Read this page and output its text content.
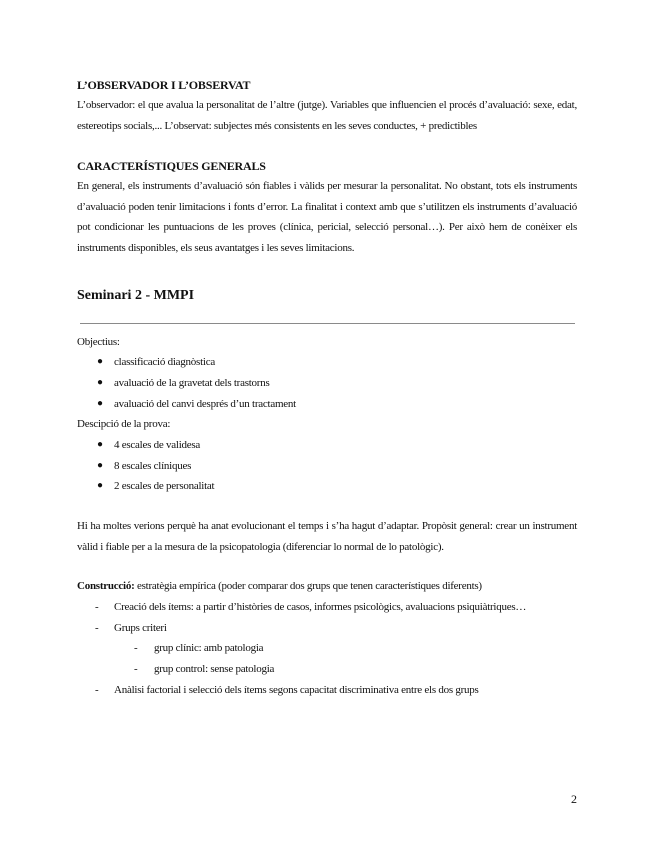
L’OBSERVADOR I L’OBSERVAT

L’observador: el que avalua la personalitat de l’altre (jutge). Variables que influencien el procés d’avaluació: sexe, edat, estereotips socials,... L’observat: subjectes més consistents en les seves conductes, + predictibles

CARACTERÍSTIQUES GENERALS

En general, els instruments d’avaluació són fiables i vàlids per mesurar la personalitat. No obstant, tots els instruments d’avaluació poden tenir limitacions i fonts d’error. La finalitat i context amb que s’utilitzen els instruments d’avaluació pot condicionar les puntuacions de les proves (clínica, pericial, selecció personal…). Per això hem de conèixer els instruments disponibles, els seus avantatges i les seves limitacions.

Seminari 2 - MMPI

Objectius:

● classificació diagnòstica
● avaluació de la gravetat dels trastorns
● avaluació del canvi després d’un tractament

Descipció de la prova:

● 4 escales de validesa
● 8 escales clíniques
● 2 escales de personalitat

Hi ha moltes verions perquè ha anat evolucionant el temps i s’ha hagut d’adaptar. Propòsit general: crear un instrument vàlid i fiable per a la mesura de la psicopatologia (diferenciar lo normal de lo patològic).

Construcció: estratègia empírica (poder comparar dos grups que tenen característiques diferents)

- Creació dels ítems: a partir d’històries de casos, informes psicològics, avaluacions psiquiàtriques…
- Grups criteri
- grup clínic: amb patologia
- grup control: sense patologia
- Anàlisi factorial i selecció dels ítems segons capacitat discriminativa entre els dos grups
2
